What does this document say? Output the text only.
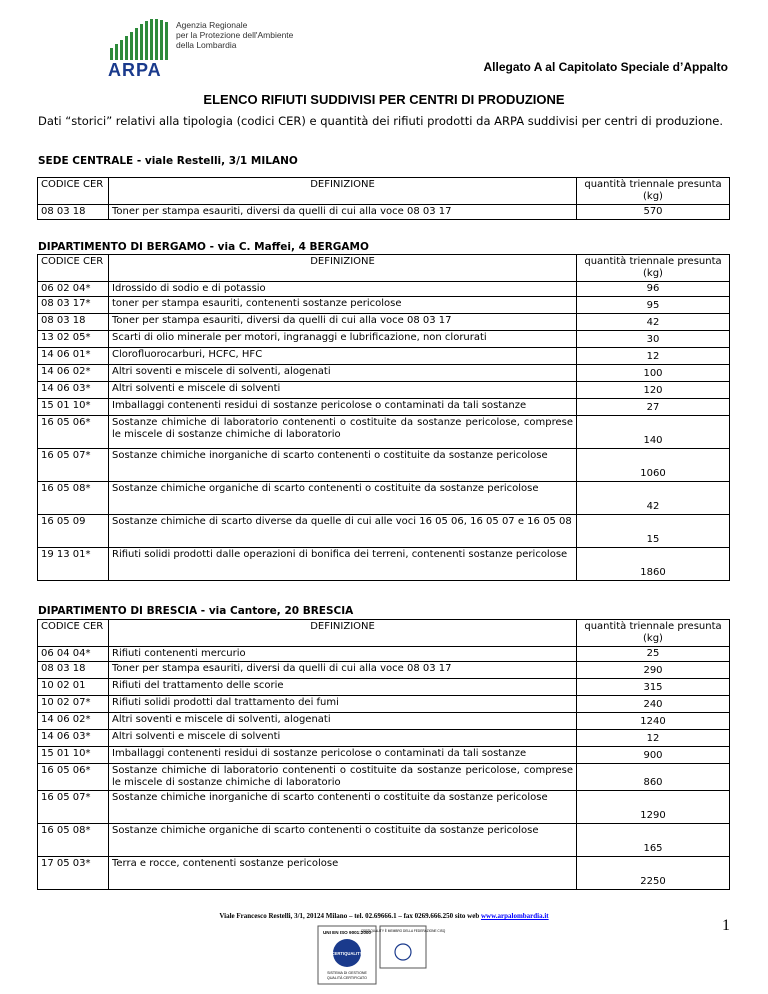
Agenzia Regionale
per la Protezione dell'Ambiente
della Lombardia
ARPA	Allegato A al Capitolato Speciale d’Appalto
ELENCO RIFIUTI SUDDIVISI PER CENTRI DI PRODUZIONE
Dati “storici” relativi alla tipologia (codici CER) e quantità dei rifiuti prodotti da ARPA suddivisi per centri di produzione.
SEDE CENTRALE - viale Restelli, 3/1 MILANO
CODICE CER	DEFINIZIONE	quantità triennale presunta (kg)
08 03 18	Toner per stampa esauriti, diversi da quelli di cui alla voce 08 03 17	570
DIPARTIMENTO DI BERGAMO - via C. Maffei, 4 BERGAMO
CODICE CER	DEFINIZIONE	quantità triennale presunta (kg)
06 02 04*	Idrossido di sodio e di potassio	96
08 03 17*	toner per stampa esauriti, contenenti sostanze pericolose	95
08 03 18	Toner per stampa esauriti, diversi da quelli di cui alla voce 08 03 17	42
13 02 05*	Scarti di olio minerale per motori, ingranaggi e lubrificazione, non clorurati	30
14 06 01*	Clorofluorocarburi, HCFC, HFC	12
14 06 02*	Altri soventi e miscele di solventi, alogenati	100
14 06 03*	Altri solventi e miscele di solventi	120
15 01 10*	Imballaggi contenenti residui di sostanze pericolose o contaminati da tali sostanze	27
16 05 06*	Sostanze chimiche di laboratorio contenenti o costituite da sostanze pericolose, comprese le miscele di sostanze chimiche di laboratorio	140
16 05 07*	Sostanze chimiche inorganiche di scarto contenenti o costituite da sostanze pericolose	1060
16 05 08*	Sostanze chimiche organiche di scarto contenenti o costituite da sostanze pericolose	42
16 05 09	Sostanze chimiche di scarto diverse da quelle di cui alle voci 16 05 06, 16 05 07 e 16 05 08	15
19 13 01*	Rifiuti solidi prodotti dalle operazioni di bonifica dei terreni, contenenti sostanze pericolose	1860
DIPARTIMENTO DI BRESCIA - via Cantore, 20 BRESCIA
CODICE CER	DEFINIZIONE	quantità triennale presunta (kg)
06 04 04*	Rifiuti contenenti mercurio	25
08 03 18	Toner per stampa esauriti, diversi da quelli di cui alla voce 08 03 17	290
10 02 01	Rifiuti del trattamento delle scorie	315
10 02 07*	Rifiuti solidi prodotti dal trattamento dei fumi	240
14 06 02*	Altri soventi e miscele di solventi, alogenati	1240
14 06 03*	Altri solventi e miscele di solventi	12
15 01 10*	Imballaggi contenenti residui di sostanze pericolose o contaminati da tali sostanze	900
16 05 06*	Sostanze chimiche di laboratorio contenenti o costituite da sostanze pericolose, comprese le miscele di sostanze chimiche di laboratorio	860
16 05 07*	Sostanze chimiche inorganiche di scarto contenenti o costituite da sostanze pericolose	1290
16 05 08*	Sostanze chimiche organiche di scarto contenenti o costituite da sostanze pericolose	165
17 05 03*	Terra e rocce, contenenti sostanze pericolose	2250
Viale Francesco Restelli, 3/1, 20124 Milano – tel. 02.69666.1 – fax 0269.666.250 sito web www.arpalombardia.it
1
UNI EN ISO 9001:2000
CERTIQUALITY
SISTEMA DI GESTIONE
QUALITÀ CERTIFICATO
CERTIQUALITY È MEMBRO DELLA FEDERAZIONE CISQ
